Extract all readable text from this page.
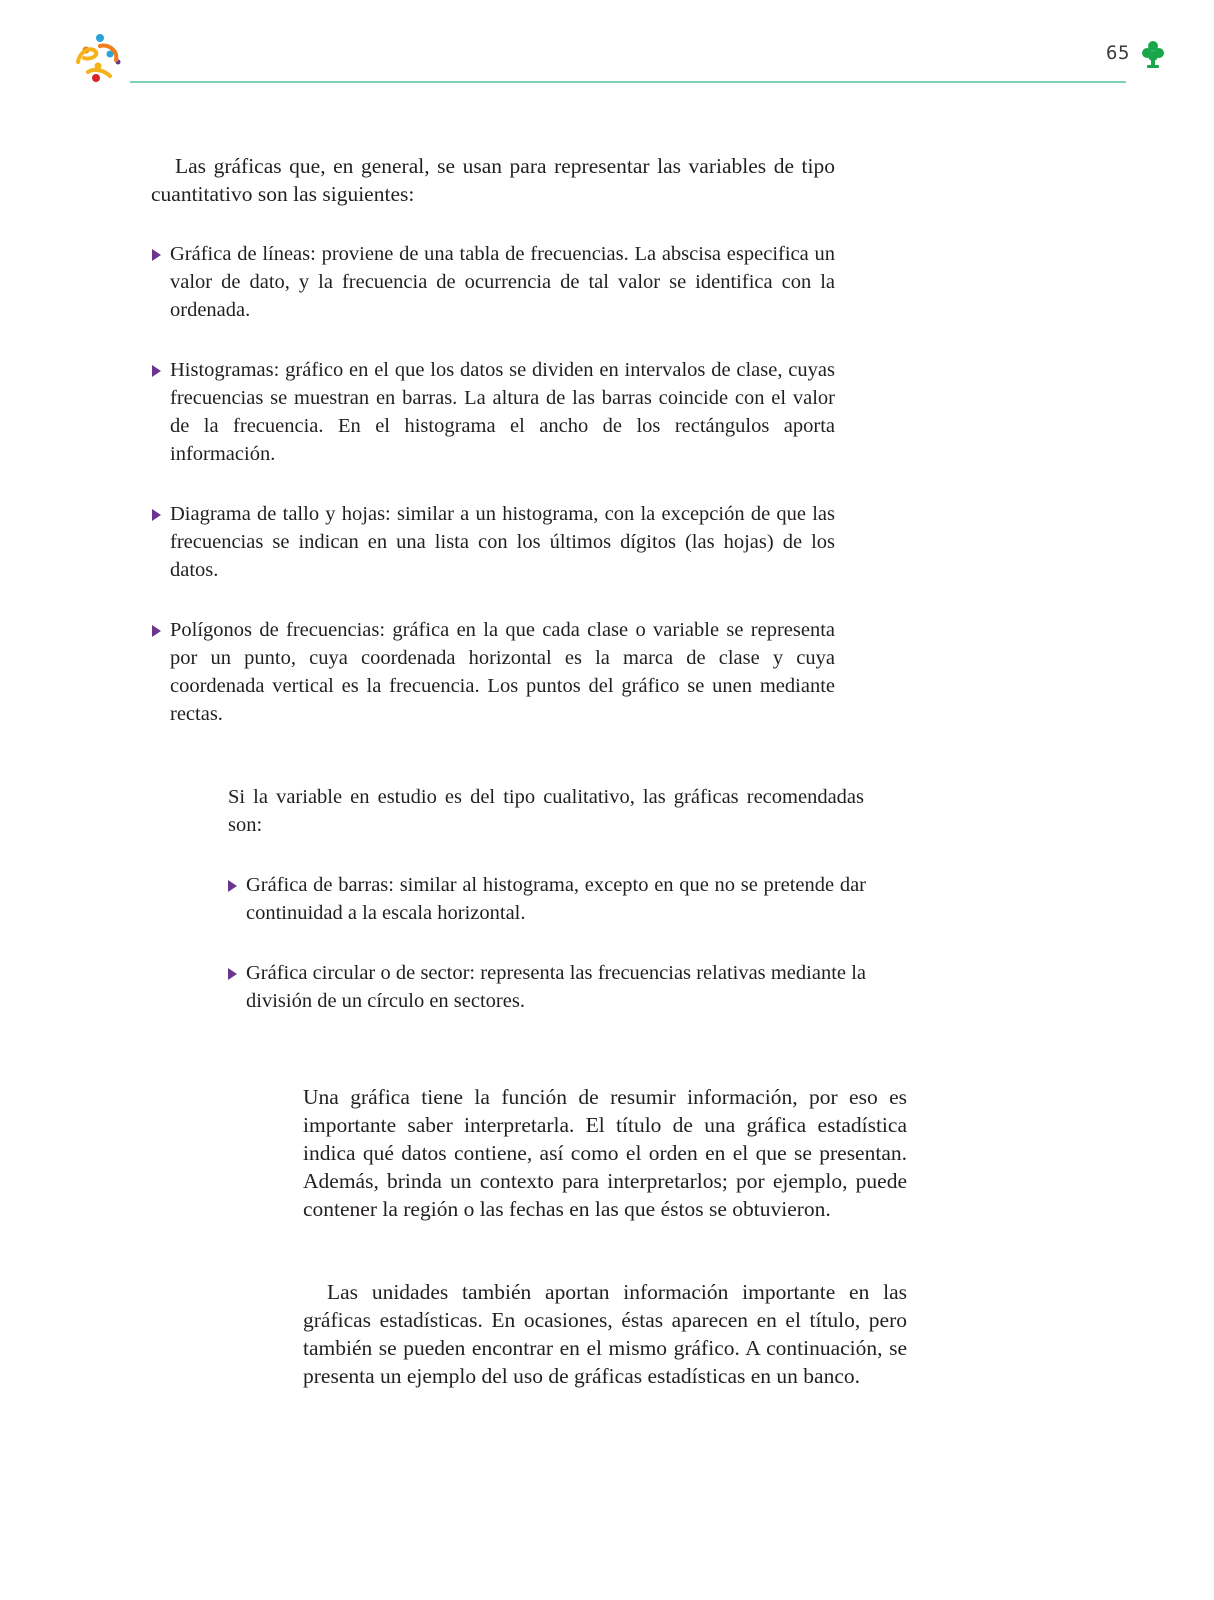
65

Las gráficas que, en general, se usan para representar las variables de tipo cuantitativo son las siguientes:

Gráfica de líneas: proviene de una tabla de frecuencias. La abscisa especifica un valor de dato, y la frecuencia de ocurrencia de tal valor se identifica con la ordenada.
Histogramas: gráfico en el que los datos se dividen en intervalos de clase, cuyas frecuencias se muestran en barras. La altura de las barras coincide con el valor de la frecuencia. En el histograma el ancho de los rectángulos aporta información.
Diagrama de tallo y hojas: similar a un histograma, con la excepción de que las frecuencias se indican en una lista con los últimos dígitos (las hojas) de los datos.
Polígonos de frecuencias: gráfica en la que cada clase o variable se representa por un punto, cuya coordenada horizontal es la marca de clase y cuya coordenada vertical es la frecuencia. Los puntos del gráfico se unen mediante rectas.

Si la variable en estudio es del tipo cualitativo, las gráficas recomendadas son:

Gráfica de barras: similar al histograma, excepto en que no se pretende dar continuidad a la escala horizontal.
Gráfica circular o de sector: representa las frecuencias relativas mediante la división de un círculo en sectores.

Una gráfica tiene la función de resumir información, por eso es importante saber interpretarla. El título de una gráfica estadística indica qué datos contiene, así como el orden en el que se presentan. Además, brinda un contexto para interpretarlos; por ejemplo, puede contener la región o las fechas en las que éstos se obtuvieron.

Las unidades también aportan información importante en las gráficas estadísticas. En ocasiones, éstas aparecen en el título, pero también se pueden encontrar en el mismo gráfico. A continuación, se presenta un ejemplo del uso de gráficas estadísticas en un banco.
